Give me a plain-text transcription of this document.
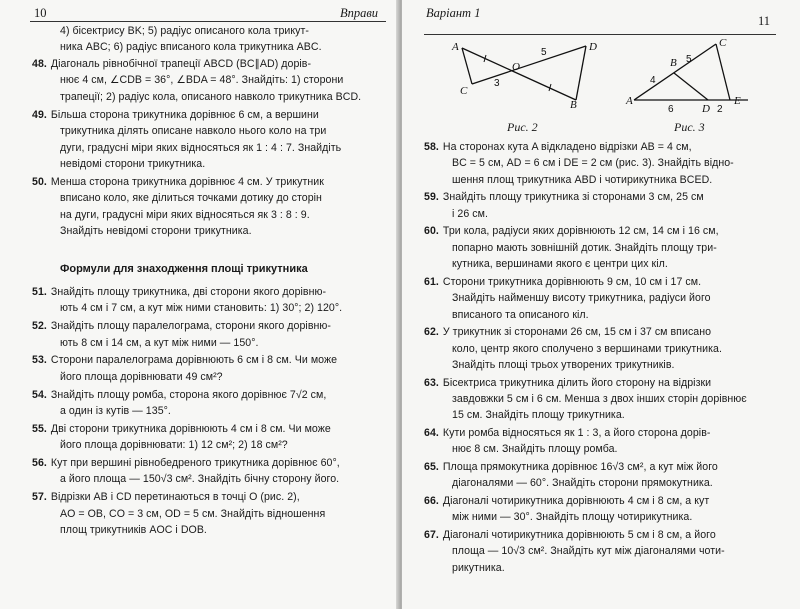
10	Вправи
4) бісектрису BK; 5) радіус описаного кола трикут-
ника ABC; 6) радіус вписаного кола трикутника ABC.
48. Діагональ рівнобічної трапеції ABCD (BC∥AD) дорів-
нює 4 см, ∠CDB = 36°, ∠BDA = 48°. Знайдіть: 1) сторони
трапеції; 2) радіус кола, описаного навколо трикутника BCD.
49. Більша сторона трикутника дорівнює 6 см, а вершини
трикутника ділять описане навколо нього коло на три
дуги, градусні міри яких відносяться як 1 : 4 : 7. Знайдіть
невідомі сторони трикутника.
50. Менша сторона трикутника дорівнює 4 см. У трикутник
вписано коло, яке ділиться точками дотику до сторін
на дуги, градусні міри яких відносяться як 3 : 8 : 9.
Знайдіть невідомі сторони трикутника.
Формули для знаходження площі трикутника
51. Знайдіть площу трикутника, дві сторони якого дорівню-
ють 4 см і 7 см, а кут між ними становить: 1) 30°; 2) 120°.
52. Знайдіть площу паралелограма, сторони якого дорівню-
ють 8 см і 14 см, а кут між ними — 150°.
53. Сторони паралелограма дорівнюють 6 см і 8 см. Чи може
його площа дорівнювати 49 см²?
54. Знайдіть площу ромба, сторона якого дорівнює 7√2 см,
а один із кутів — 135°.
55. Дві сторони трикутника дорівнюють 4 см і 8 см. Чи може
його площа дорівнювати: 1) 12 см²; 2) 18 см²?
56. Кут при вершині рівнобедреного трикутника дорівнює 60°,
а його площа — 150√3 см². Знайдіть бічну сторону його.
57. Відрізки AB і CD перетинаються в точці O (рис. 2),
AO = OB, CO = 3 см, OD = 5 см. Знайдіть відношення
площ трикутників AOC і DOB.
Варіант 1
11
A
C
O
D
B
3
5
Рис. 2
A
B
C
D
E
4
5
6	2
Рис. 3
58. На сторонах кута A відкладено відрізки AB = 4 см,
BC = 5 см, AD = 6 см і DE = 2 см (рис. 3). Знайдіть відно-
шення площ трикутника ABD і чотирикутника BCED.
59. Знайдіть площу трикутника зі сторонами 3 см, 25 см
і 26 см.
60. Три кола, радіуси яких дорівнюють 12 см, 14 см і 16 см,
попарно мають зовнішній дотик. Знайдіть площу три-
кутника, вершинами якого є центри цих кіл.
61. Сторони трикутника дорівнюють 9 см, 10 см і 17 см.
Знайдіть найменшу висоту трикутника, радіуси його
вписаного та описаного кіл.
62. У трикутник зі сторонами 26 см, 15 см і 37 см вписано
коло, центр якого сполучено з вершинами трикутника.
Знайдіть площі трьох утворених трикутників.
63. Бісектриса трикутника ділить його сторону на відрізки
завдовжки 5 см і 6 см. Менша з двох інших сторін дорівнює
15 см. Знайдіть площу трикутника.
64. Кути ромба відносяться як 1 : 3, а його сторона дорів-
нює 8 см. Знайдіть площу ромба.
65. Площа прямокутника дорівнює 16√3 см², а кут між його
діагоналями — 60°. Знайдіть сторони прямокутника.
66. Діагоналі чотирикутника дорівнюють 4 см і 8 см, а кут
між ними — 30°. Знайдіть площу чотирикутника.
67. Діагоналі чотирикутника дорівнюють 5 см і 8 см, а його
площа — 10√3 см². Знайдіть кут між діагоналями чоти-
рикутника.
